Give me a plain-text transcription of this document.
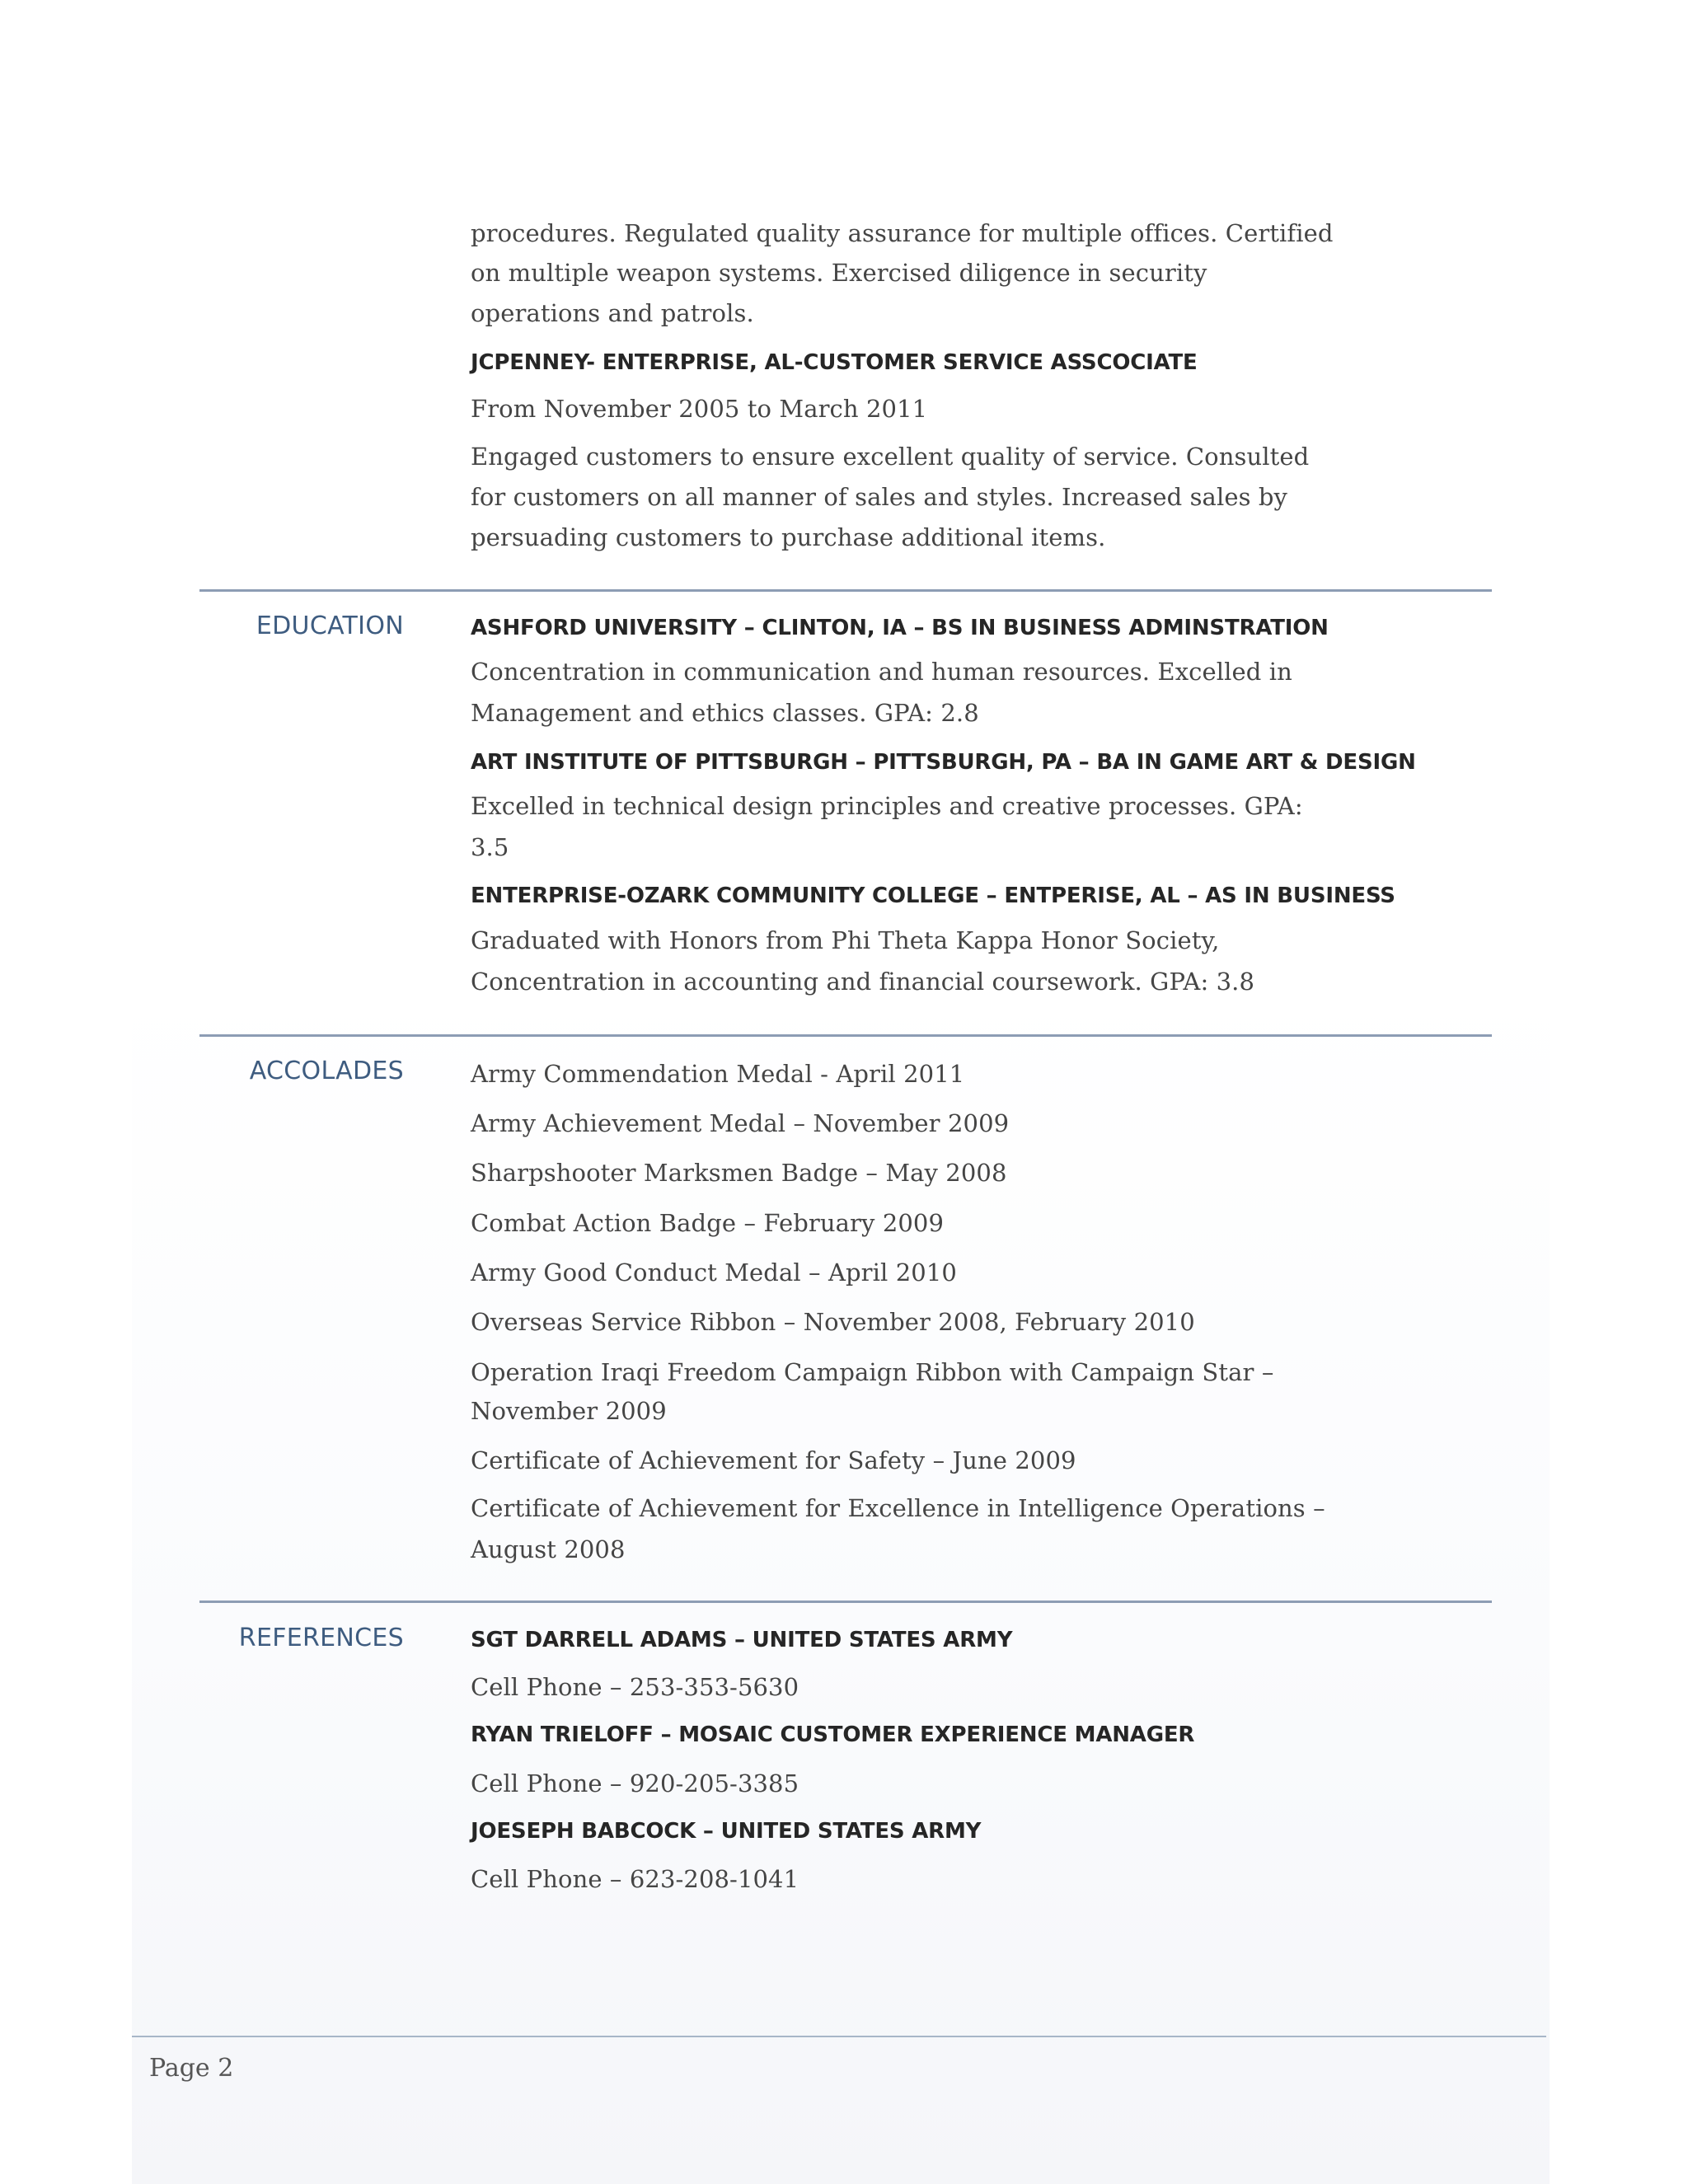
procedures. Regulated quality assurance for multiple offices. Certified
on multiple weapon systems. Exercised diligence in security
operations and patrols.
JCPENNEY- ENTERPRISE, AL-CUSTOMER SERVICE ASSCOCIATE
From November 2005 to March 2011
Engaged customers to ensure excellent quality of service. Consulted
for customers on all manner of sales and styles. Increased sales by
persuading customers to purchase additional items.
EDUCATION	ASHFORD UNIVERSITY – CLINTON, IA – BS IN BUSINESS ADMINSTRATION
Concentration in communication and human resources. Excelled in
Management and ethics classes. GPA: 2.8
ART INSTITUTE OF PITTSBURGH – PITTSBURGH, PA – BA IN GAME ART & DESIGN
Excelled in technical design principles and creative processes. GPA:
3.5
ENTERPRISE-OZARK COMMUNITY COLLEGE – ENTPERISE, AL – AS IN BUSINESS
Graduated with Honors from Phi Theta Kappa Honor Society,
Concentration in accounting and financial coursework. GPA: 3.8
ACCOLADES	Army Commendation Medal - April 2011
Army Achievement Medal – November 2009
Sharpshooter Marksmen Badge – May 2008
Combat Action Badge – February 2009
Army Good Conduct Medal – April 2010
Overseas Service Ribbon – November 2008, February 2010
Operation Iraqi Freedom Campaign Ribbon with Campaign Star –
November 2009
Certificate of Achievement for Safety – June 2009
Certificate of Achievement for Excellence in Intelligence Operations –
August 2008
REFERENCES	SGT DARRELL ADAMS – UNITED STATES ARMY
Cell Phone – 253-353-5630
RYAN TRIELOFF – MOSAIC CUSTOMER EXPERIENCE MANAGER
Cell Phone – 920-205-3385
JOESEPH BABCOCK – UNITED STATES ARMY
Cell Phone – 623-208-1041
Page 2
